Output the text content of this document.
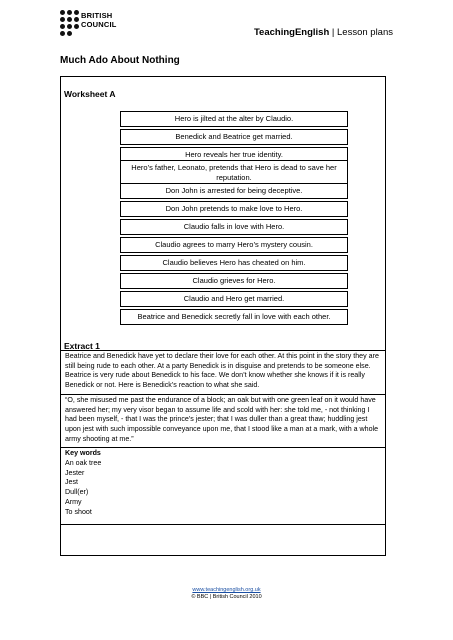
BRITISH
COUNCIL
TeachingEnglish | Lesson plans
Much Ado About Nothing
Worksheet A
Hero is jilted at the alter by Claudio.
Benedick and Beatrice get married.
Hero reveals her true identity.
Hero’s father, Leonato, pretends that Hero is dead to save her reputation.
Don John is arrested for being deceptive.
Don John pretends to make love to Hero.
Claudio falls in love with Hero.
Claudio agrees to marry Hero’s mystery cousin.
Claudio believes Hero has cheated on him.
Claudio grieves for Hero.
Claudio and Hero get married.
Beatrice and Benedick secretly fall in love with each other.
Extract 1
Beatrice and Benedick have yet to declare their love for each other. At this point in the story they are still being rude to each other. At a party Benedick is in disguise and pretends to be someone else. Beatrice is very rude about Benedick to his face. We don’t know whether she knows if it is really Benedick or not. Here is Benedick’s reaction to what she said.
“O, she misused me past the endurance of a block; an oak but with one green leaf on it would have answered her; my very visor began to assume life and scold with her: she told me, - not thinking I had been myself, - that I was the prince’s jester; that I was duller than a great thaw; huddling jest upon jest with such impossible conveyance upon me, that I stood like a man at a mark, with a whole army shooting at me.”

Key words
An oak tree
Jester
Jest
Dull(er)
Army
To shoot
www.teachingenglish.org.uk
© BBC | British Council 2010
